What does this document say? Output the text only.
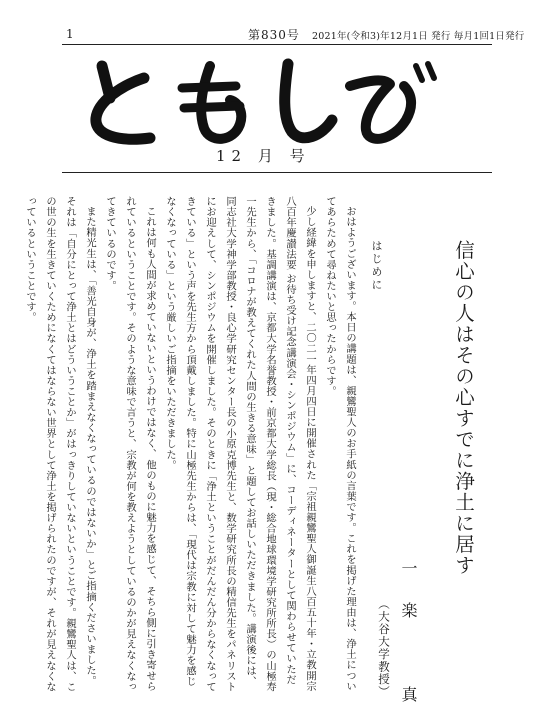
1	第830号 2021年(令和3)年12月1日 発行 毎月1回1日発行
12 月 号
信心の人はその心すでに浄土に居す
一楽　真
（大谷大学教授）
はじめに

おはようございます。本日の講題は、親鸞聖人のお手紙の言葉です。これを掲げた理由は、浄土についてあらためて尋ねたいと思ったからです。

少し経緯を申しますと、二〇二一年四月四日に開催された「宗祖親鸞聖人御誕生八百五十年・立教開宗八百年慶讃法要 お待ち受け記念講演会・シンポジウム」に、コーディネーターとして関わらせていただきました。基調講演は、京都大学名誉教授・前京都大学総長（現・総合地球環境学研究所所長）の山極寿一先生から、「コロナが教えてくれた人間の生きる意味」と題してお話しいただきました。講演後には、同志社大学神学部教授・良心学研究センター長の小原克博先生と、数学研究所長の精信先生をパネリストにお迎えして、シンポジウムを開催しました。そのときに「浄土ということがだんだん分からなくなってきている」という声を先生方から頂戴しました。特に山極先生からは、「現代は宗教に対して魅力を感じなくなっている」という厳しいご指摘をいただきました。

これは何も人間が求めていないというわけではなく、他のものに魅力を感じて、そちら側に引き寄せられているということです。そのような意味で言うと、宗教が何を教えようとしているのかが見えなくなってきているのです。

また精光生は、「善光自身が、浄土を踏まえなくなっているのではないか」とご指摘くださいました。それは「自分にとって浄土とはどういうことか」がはっきりしていないということです。親鸞聖人は、この世の生を生きていくためになくてはならない世界として浄土を掲げられたのですが、それが見えなくなっているということです。
